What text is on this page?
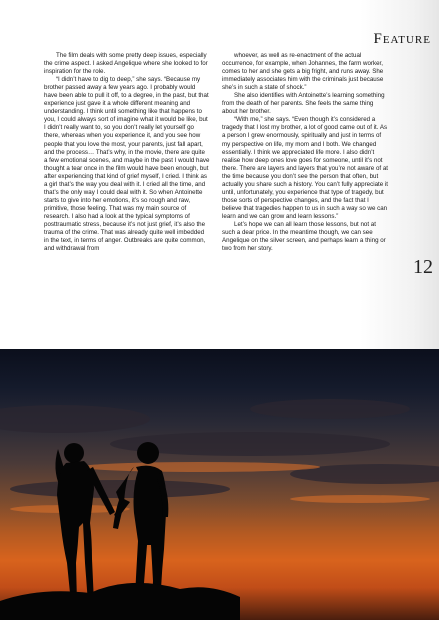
Feature
12

The film deals with some pretty deep issues, especially the crime aspect. I asked Angelique where she looked to for inspiration for the role.

“I didn’t have to dig to deep,” she says. “Because my brother passed away a few years ago. I probably would have been able to pull it off, to a degree, in the past, but that experience just gave it a whole different meaning and understanding. I think until something like that happens to you, I could always sort of imagine what it would be like, but I didn’t really want to, so you don’t really let yourself go there, whereas when you experience it, and you see how people that you love the most, your parents, just fall apart, and the process… That’s why, in the movie, there are quite a few emotional scenes, and maybe in the past I would have thought a tear once in the film would have been enough, but after experiencing that kind of grief myself, I cried. I think as a girl that’s the way you deal with it. I cried all the time, and that’s the only way I could deal with it. So when Antoinette starts to give into her emotions, it’s so rough and raw, primitive, those feeling. That was my main source of research. I also had a look at the typical symptoms of posttraumatic stress, because it’s not just grief, it’s also the trauma of the crime. That was already quite well imbedded in the text, in terms of anger. Outbreaks are quite common, and withdrawal from

whoever, as well as re-enactment of the actual occurrence, for example, when Johannes, the farm worker, comes to her and she gets a big fright, and runs away. She immediately associates him with the criminals just because she’s in such a state of shock.”

She also identifies with Antoinette’s learning something from the death of her parents. She feels the same thing about her brother.

“With me,” she says. “Even though it’s considered a tragedy that I lost my brother, a lot of good came out of it. As a person I grew enormously, spiritually and just in terms of my perspective on life, my mom and I both. We changed essentially. I think we appreciated life more. I also didn’t realise how deep ones love goes for someone, until it’s not there. There are layers and layers that you’re not aware of at the time because you don’t see the person that often, but actually you share such a history. You can’t fully appreciate it until, unfortunately, you experience that type of tragedy, but those sorts of perspective changes, and the fact that I believe that tragedies happen to us in such a way so we can learn and we can grow and learn lessons.”

Let’s hope we can all learn those lessons, but not at such a dear price. In the meantime though, we can see Angelique on the silver screen, and perhaps learn a thing or two from her story.
